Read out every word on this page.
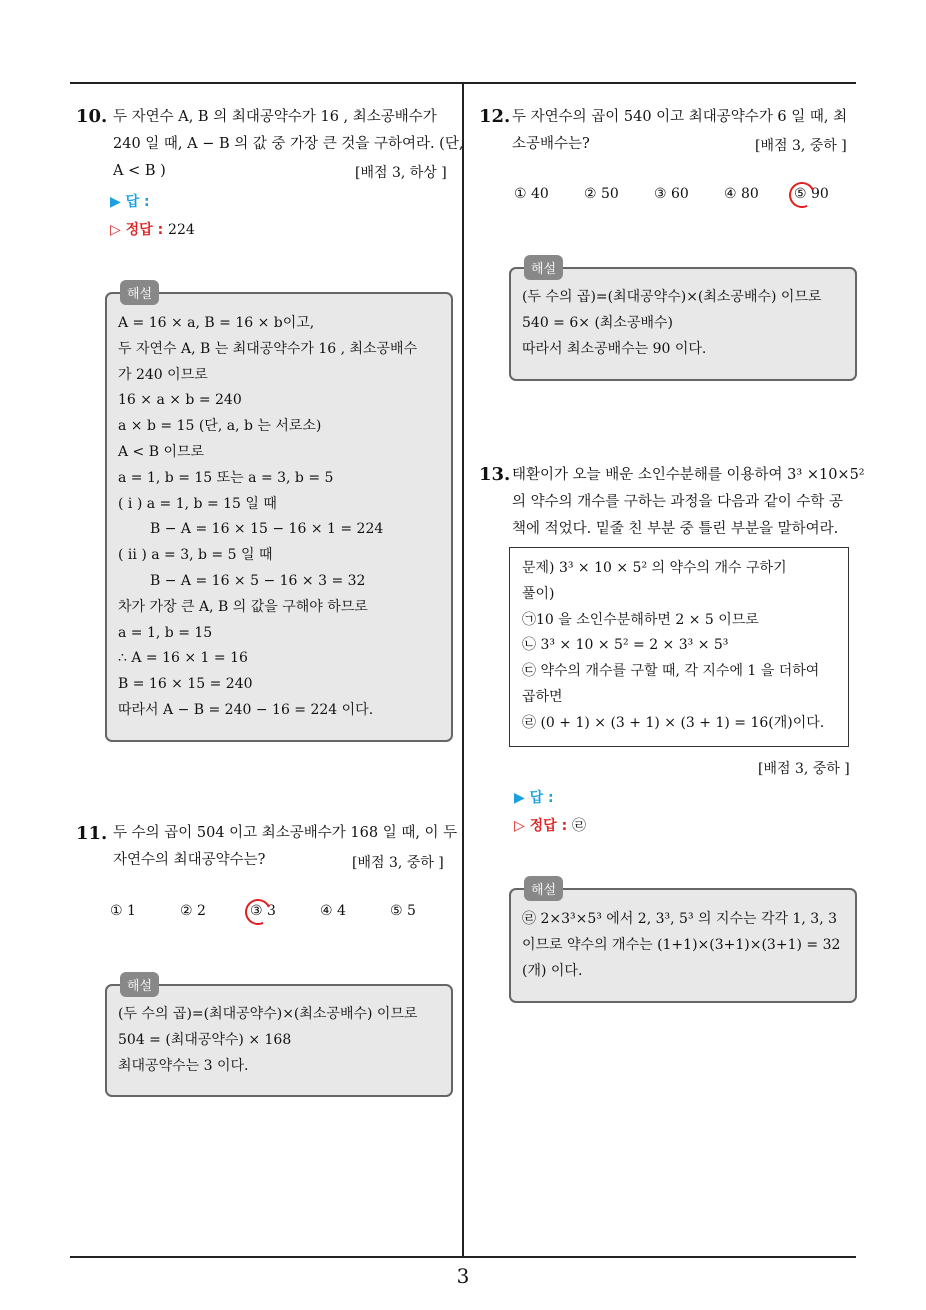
3
10. 두 자연수 A, B 의 최대공약수가 16 , 최소공배수가
240 일 때, A − B 의 값 중 가장 큰 것을 구하여라. (단,
A < B )	[배점 3, 하상 ]
▶ 답 :
▷ 정답 : 224
해설
A = 16 × a, B = 16 × b이고,
두 자연수 A, B 는 최대공약수가 16 , 최소공배수
가 240 이므로
16 × a × b = 240
a × b = 15 (단, a, b 는 서로소)
A < B 이므로
a = 1, b = 15 또는 a = 3, b = 5
( i ) a = 1, b = 15 일 때
B − A = 16 × 15 − 16 × 1 = 224
( ii ) a = 3, b = 5 일 때
B − A = 16 × 5 − 16 × 3 = 32
차가 가장 큰 A, B 의 값을 구해야 하므로
a = 1, b = 15
∴ A = 16 × 1 = 16
B = 16 × 15 = 240
따라서 A − B = 240 − 16 = 224 이다.
11. 두 수의 곱이 504 이고 최소공배수가 168 일 때, 이 두
자연수의 최대공약수는?	[배점 3, 중하 ]
① 1	② 2	③ 3	④ 4	⑤ 5
해설
(두 수의 곱)=(최대공약수)×(최소공배수) 이므로
504 = (최대공약수) × 168
최대공약수는 3 이다.
12. 두 자연수의 곱이 540 이고 최대공약수가 6 일 때, 최
소공배수는?	[배점 3, 중하 ]
① 40	② 50	③ 60	④ 80	⑤ 90
해설
(두 수의 곱)=(최대공약수)×(최소공배수) 이므로
540 = 6× (최소공배수)
따라서 최소공배수는 90 이다.
13. 태환이가 오늘 배운 소인수분해를 이용하여 3³ ×10×5²
의 약수의 개수를 구하는 과정을 다음과 같이 수학 공
책에 적었다. 밑줄 친 부분 중 틀린 부분을 말하여라.
문제) 3³ × 10 × 5² 의 약수의 개수 구하기
풀이)
㉠10 을 소인수분해하면 2 × 5 이므로
㉡ 3³ × 10 × 5² = 2 × 3³ × 5³
㉢ 약수의 개수를 구할 때, 각 지수에 1 을 더하여
곱하면
㉣ (0 + 1) × (3 + 1) × (3 + 1) = 16(개)이다.
[배점 3, 중하 ]
▶ 답 :
▷ 정답 : ㉣
해설
㉣ 2×3³×5³ 에서 2, 3³, 5³ 의 지수는 각각 1, 3, 3
이므로 약수의 개수는 (1+1)×(3+1)×(3+1) = 32
(개) 이다.
